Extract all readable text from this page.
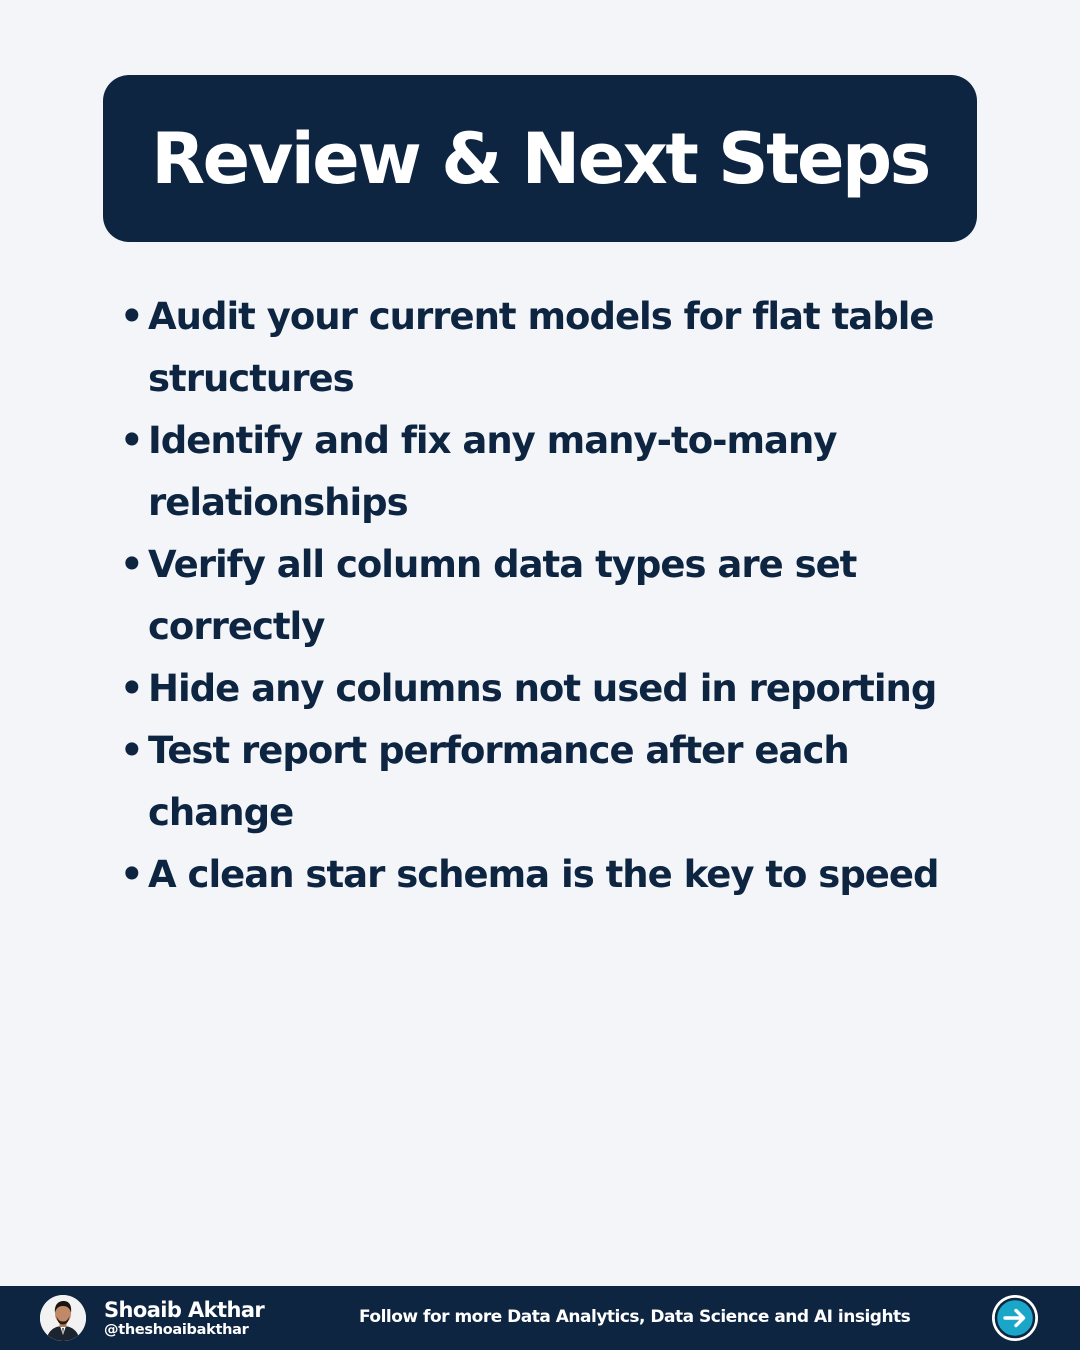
Review & Next Steps
• Audit your current models for flat table structures
• Identify and fix any many-to-many relationships
• Verify all column data types are set correctly
• Hide any columns not used in reporting
• Test report performance after each change
• A clean star schema is the key to speed
Shoaib Akthar
@theshoaibakthar
Follow for more Data Analytics, Data Science and AI insights
